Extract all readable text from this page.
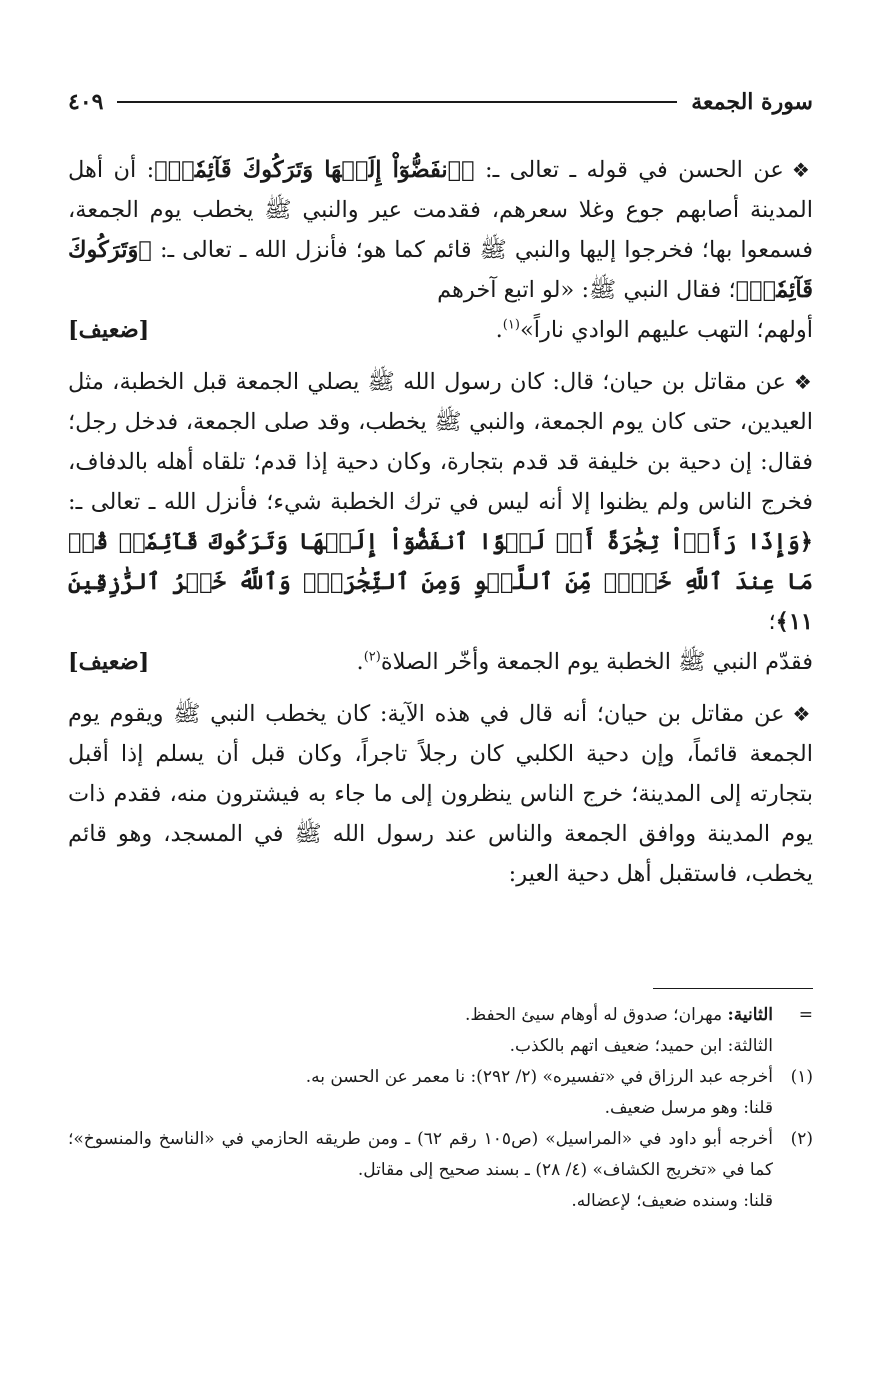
سورة الجمعة
٤٠٩
❖عن الحسن في قوله ـ تعالى ـ: ﴿ٱنفَضُّوٓاْ إِلَيۡهَا وَتَرَكُوكَ قَآئِمٗاۚ﴾: أن أهل المدينة أصابهم جوع وغلا سعرهم، فقدمت عير والنبي ﷺ يخطب يوم الجمعة، فسمعوا بها؛ فخرجوا إليها والنبي ﷺ قائم كما هو؛ فأنزل الله ـ تعالى ـ: ﴿وَتَرَكُوكَ قَآئِمٗاۚ﴾؛ فقال النبي ﷺ: «لو اتبع آخرهم
أولهم؛ التهب عليهم الوادي ناراً»$^{(١)}$.
[ضعيف]
❖عن مقاتل بن حيان؛ قال: كان رسول الله ﷺ يصلي الجمعة قبل الخطبة، مثل العيدين، حتى كان يوم الجمعة، والنبي ﷺ يخطب، وقد صلى الجمعة، فدخل رجل؛ فقال: إن دحية بن خليفة قد قدم بتجارة، وكان دحية إذا قدم؛ تلقاه أهله بالدفاف، فخرج الناس ولم يظنوا إلا أنه ليس في ترك الخطبة شيء؛ فأنزل الله ـ تعالى ـ: ﴿وَإِذَا رَأَوۡاْ تِجَٰرَةً أَوۡ لَهۡوًا ٱنفَضُّوٓاْ إِلَيۡهَا وَتَرَكُوكَ قَآئِمٗاۚ قُلۡ مَا عِندَ ٱللَّهِ خَيۡرٞ مِّنَ ٱللَّهۡوِ وَمِنَ ٱلتِّجَٰرَةِۚ وَٱللَّهُ خَيۡرُ ٱلرَّٰزِقِينَ ١١﴾؛
فقدّم النبي ﷺ الخطبة يوم الجمعة وأخّر الصلاة$^{(٢)}$.
[ضعيف]
❖عن مقاتل بن حيان؛ أنه قال في هذه الآية: كان يخطب النبي ﷺ ويقوم يوم الجمعة قائماً، وإن دحية الكلبي كان رجلاً تاجراً، وكان قبل أن يسلم إذا أقبل بتجارته إلى المدينة؛ خرج الناس ينظرون إلى ما جاء به فيشترون منه، فقدم ذات يوم المدينة ووافق الجمعة والناس عند رسول الله ﷺ في المسجد، وهو قائم يخطب، فاستقبل أهل دحية العير:
=
الثانية: مهران؛ صدوق له أوهام سيئ الحفظ.
الثالثة: ابن حميد؛ ضعيف اتهم بالكذب.
(١)
أخرجه عبد الرزاق في «تفسيره» (٢/ ٢٩٢): نا معمر عن الحسن به.
قلنا: وهو مرسل ضعيف.
(٢)
أخرجه أبو داود في «المراسيل» (ص١٠٥ رقم ٦٢) ـ ومن طريقه الحازمي في «الناسخ والمنسوخ»؛ كما في «تخريج الكشاف» (٤/ ٢٨) ـ بسند صحيح إلى مقاتل.
قلنا: وسنده ضعيف؛ لإعضاله.
